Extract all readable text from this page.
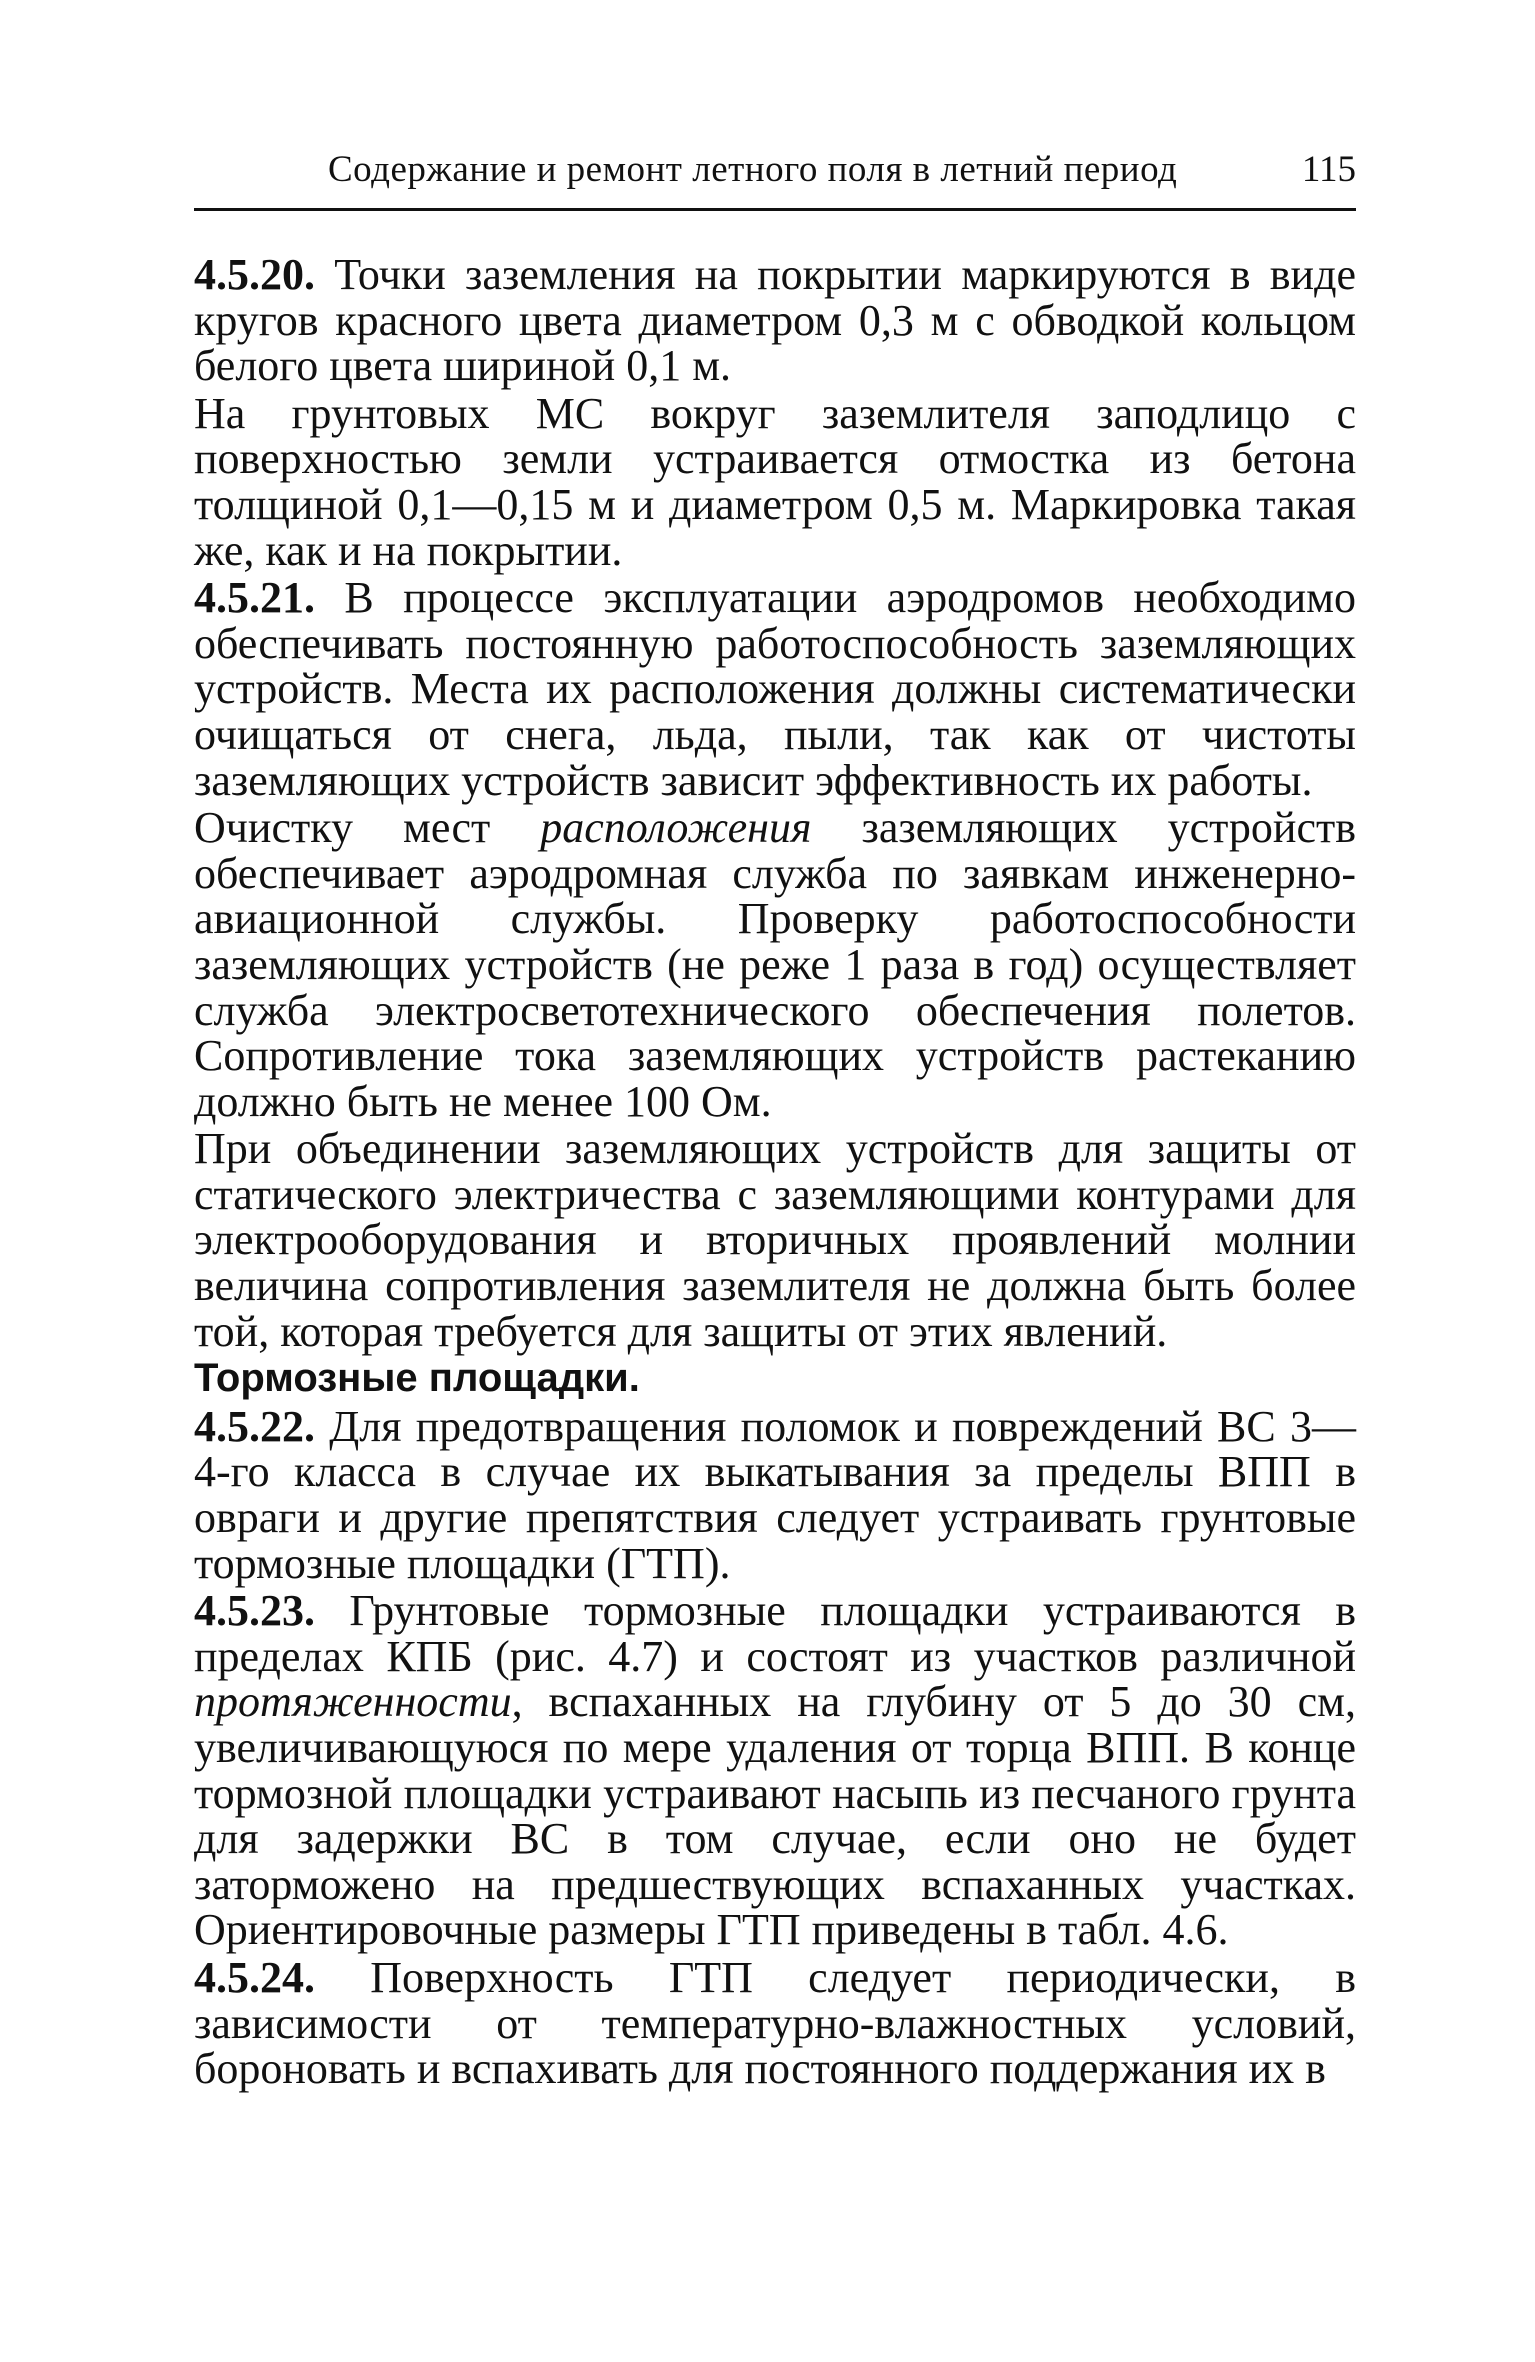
Содержание и ремонт летного поля в летний период	115

4.5.20. Точки заземления на покрытии маркируются в виде кругов красного цвета диаметром 0,3 м с обводкой кольцом белого цвета шириной 0,1 м.

На грунтовых МС вокруг заземлителя заподлицо с поверхностью земли устраивается отмостка из бетона толщиной 0,1—0,15 м и диаметром 0,5 м. Маркировка такая же, как и на покрытии.

4.5.21. В процессе эксплуатации аэродромов необходимо обеспечивать постоянную работоспособность заземляющих устройств. Места их расположения должны систематически очищаться от снега, льда, пыли, так как от чистоты заземляющих устройств зависит эффективность их работы.

Очистку мест расположения заземляющих устройств обеспечивает аэродромная служба по заявкам инженерно-авиационной службы. Проверку работоспособности заземляющих устройств (не реже 1 раза в год) осуществляет служба электросветотехнического обеспечения полетов. Сопротивление тока заземляющих устройств растеканию должно быть не менее 100 Ом.

При объединении заземляющих устройств для защиты от статического электричества с заземляющими контурами для электрооборудования и вторичных проявлений молнии величина сопротивления заземлителя не должна быть более той, которая требуется для защиты от этих явлений.

Тормозные площадки.

4.5.22. Для предотвращения поломок и повреждений ВС 3—4-го класса в случае их выкатывания за пределы ВПП в овраги и другие препятствия следует устраивать грунтовые тормозные площадки (ГТП).

4.5.23. Грунтовые тормозные площадки устраиваются в пределах КПБ (рис. 4.7) и состоят из участков различной протяженности, вспаханных на глубину от 5 до 30 см, увеличивающуюся по мере удаления от торца ВПП. В конце тормозной площадки устраивают насыпь из песчаного грунта для задержки ВС в том случае, если оно не будет заторможено на предшествующих вспаханных участках. Ориентировочные размеры ГТП приведены в табл. 4.6.

4.5.24. Поверхность ГТП следует периодически, в зависимости от температурно-влажностных условий, бороновать и вспахивать для постоянного поддержания их в
